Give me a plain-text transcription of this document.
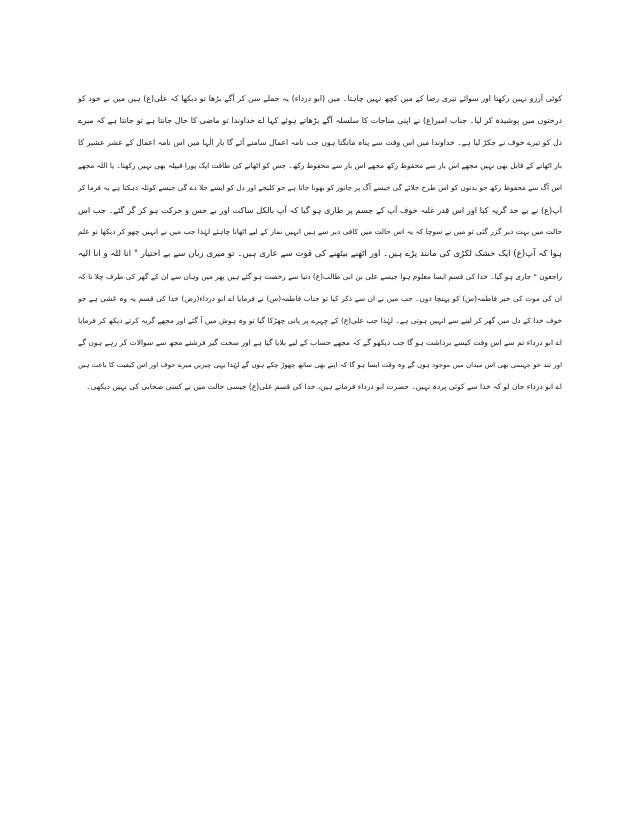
کوئی آرزو نہیں رکھتا اور سوائے تیری رضا کے میں کچھ نہیں چاہتا۔ میں (ابو درداء) یہ جملے سن کر آگے بڑھا تو دیکھا کہ علی(ع) ہیں میں نے خود کو
درختوں میں پوشیدہ کر لیا۔ جناب امیر(ع) نے اپنی مناجات کا سلسلہ آگے بڑھاتے ہوئے کہا اے خداوندا تو ماضی کا حال جانتا ہے تو جانتا ہے کہ میرے
دل کو تیرے خوف نے جکڑ لیا ہے۔ خداوندا میں اس وقت سے پناہ مانگتا ہوں جب نامہ اعمال سامنے آئے گا بار الٰہا میں اس نامہ اعمال کے عشر عشیر کا
بار اٹھانے کے قابل بھی نہیں مجھے اس بار سے محفوظ رکھ مجھے اس بار سے محفوظ رکھ۔ جس کو اٹھانے کی طاقت ایک پورا قبیلہ بھی نہیں رکھتا۔ یا اللہ مجھے
اس آگ سے محفوظ رکھ جو بدنوں کو اس طرح جلائے گی جیسے آگ پر جانور کو بھونا جاتا ہے جو کلیجے اور دل کو ایسے جلا دے گی جیسے کوئلہ دہکتا ہے یہ فرما کر
آپ(ع) نے بے حد گریہ کیا اور اس قدر غلبہ خوف آپ کے جسم پر طاری ہو گیا کہ آپ بالکل ساکت اور بے حس و حرکت ہو کر گر گئے۔ جب اس
حالت میں بہت دیر گزر گئی تو میں نے سوچا کہ یہ اس حالت میں کافی دیر سے ہیں انہیں نماز کے لیے اٹھانا چاہئے لہٰذا جب میں نے انہیں چھو کر دیکھا تو علم
ہوا کہ آپ(ع) ایک خشک لکڑی کی مانند پڑے ہیں۔ اور اٹھنے بیٹھنے کی قوت سے عاری ہیں۔ تو میری زبان سے بے اختیار " انا للہ و انا الیہ
راجعون " جاری ہو گیا۔ خدا کی قسم ایسا معلوم ہوا جیسے علی بن ابی طالب(ع) دنیا سے رخصت ہو گئے ہیں پھر میں وہاں سے ان کے گھر کی طرف چلا تا کہ
ان کی موت کی خبر فاطمہ(س) کو پہنچا دوں۔ جب میں نے ان سے ذکر کیا تو جناب فاطمہ(س) نے فرمایا اے ابو درداء(رض) خدا کی قسم یہ وہ غشی ہے جو
خوف خدا کے دل میں گھر کر لینے سے انہیں ہوتی ہے۔ لہٰذا جب علی(ع) کے چہرے پر پانی چھڑکا گیا تو وہ ہوش میں آ گئے اور مجھے گریہ کرتے دیکھ کر فرمایا
اے ابو درداء تم سے اس وقت کیسے برداشت ہو گا جب دیکھو گے کہ مجھے حساب کے لیے بلایا گیا ہے اور سخت گیر فرشتے مجھ سے سوالات کر رہے ہوں گے
اور تند خو جہنمی بھی اس میدان میں موجود ہوں گے وہ وقت ایسا ہو گا کہ اپنے بھی ساتھ چھوڑ چکے ہوں گے لہٰذا یہی چیزیں میرے خوف اور اس کیفیت کا باعث ہیں
اے ابو درداء جان لو کہ خدا سے کوئی پردہ نہیں۔ حضرت ابو درداء فرماتے ہیں، خدا کی قسم علی(ع) جیسی حالت میں نے کسی صحابی کی نہیں دیکھی۔
